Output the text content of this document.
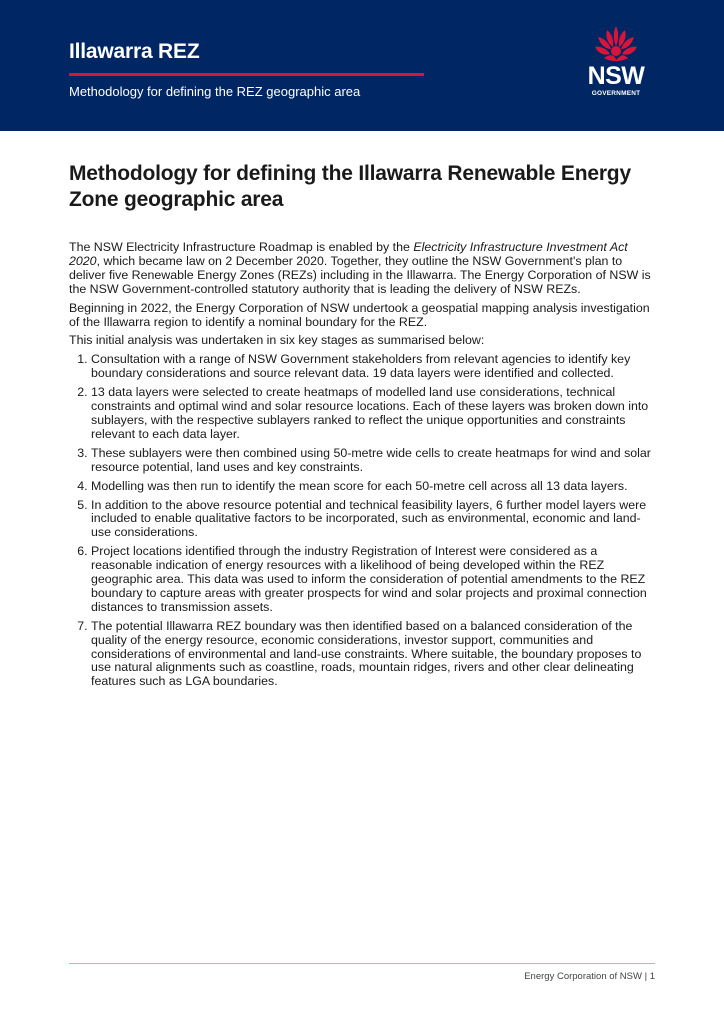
Illawarra REZ
Methodology for defining the REZ geographic area
NSW
GOVERNMENT
Methodology for defining the Illawarra Renewable Energy Zone geographic area

The NSW Electricity Infrastructure Roadmap is enabled by the Electricity Infrastructure Investment Act 2020, which became law on 2 December 2020. Together, they outline the NSW Government's plan to deliver five Renewable Energy Zones (REZs) including in the Illawarra. The Energy Corporation of NSW is the NSW Government-controlled statutory authority that is leading the delivery of NSW REZs.

Beginning in 2022, the Energy Corporation of NSW undertook a geospatial mapping analysis investigation of the Illawarra region to identify a nominal boundary for the REZ.

This initial analysis was undertaken in six key stages as summarised below:

1. Consultation with a range of NSW Government stakeholders from relevant agencies to identify key boundary considerations and source relevant data. 19 data layers were identified and collected.
2. 13 data layers were selected to create heatmaps of modelled land use considerations, technical constraints and optimal wind and solar resource locations. Each of these layers was broken down into sublayers, with the respective sublayers ranked to reflect the unique opportunities and constraints relevant to each data layer.
3. These sublayers were then combined using 50-metre wide cells to create heatmaps for wind and solar resource potential, land uses and key constraints.
4. Modelling was then run to identify the mean score for each 50-metre cell across all 13 data layers.
5. In addition to the above resource potential and technical feasibility layers, 6 further model layers were included to enable qualitative factors to be incorporated, such as environmental, economic and land-use considerations.
6. Project locations identified through the industry Registration of Interest were considered as a reasonable indication of energy resources with a likelihood of being developed within the REZ geographic area. This data was used to inform the consideration of potential amendments to the REZ boundary to capture areas with greater prospects for wind and solar projects and proximal connection distances to transmission assets.
7. The potential Illawarra REZ boundary was then identified based on a balanced consideration of the quality of the energy resource, economic considerations, investor support, communities and considerations of environmental and land-use constraints. Where suitable, the boundary proposes to use natural alignments such as coastline, roads, mountain ridges, rivers and other clear delineating features such as LGA boundaries.
Energy Corporation of NSW | 1
